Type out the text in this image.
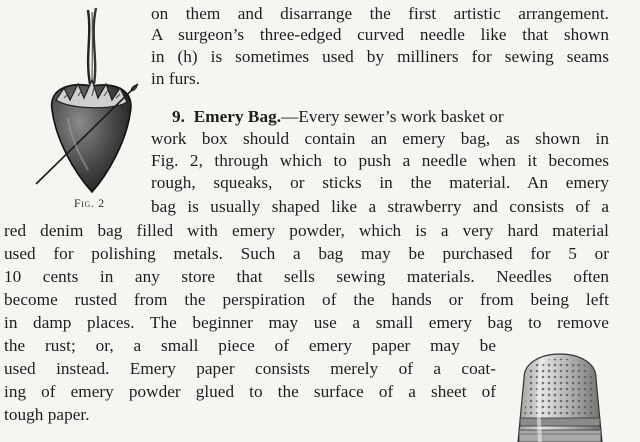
Fig. 2
on them and disarrange the first artistic arrangement.
A surgeon’s three-edged curved needle like that shown
in (h) is sometimes used by milliners for sewing seams
in furs.
9. Emery Bag.—Every sewer’s work basket or
work box should contain an emery bag, as shown in
Fig. 2, through which to push a needle when it becomes
rough, squeaks, or sticks in the material. An emery
bag is usually shaped like a strawberry and consists of a
red denim bag filled with emery powder, which is a very hard material
used for polishing metals. Such a bag may be purchased for 5 or
10 cents in any store that sells sewing materials. Needles often
become rusted from the perspiration of the hands or from being left
in damp places. The beginner may use a small emery bag to remove
the rust; or, a small piece of emery paper may be
used instead. Emery paper consists merely of a coat-
ing of emery powder glued to the surface of a sheet of
tough paper.
